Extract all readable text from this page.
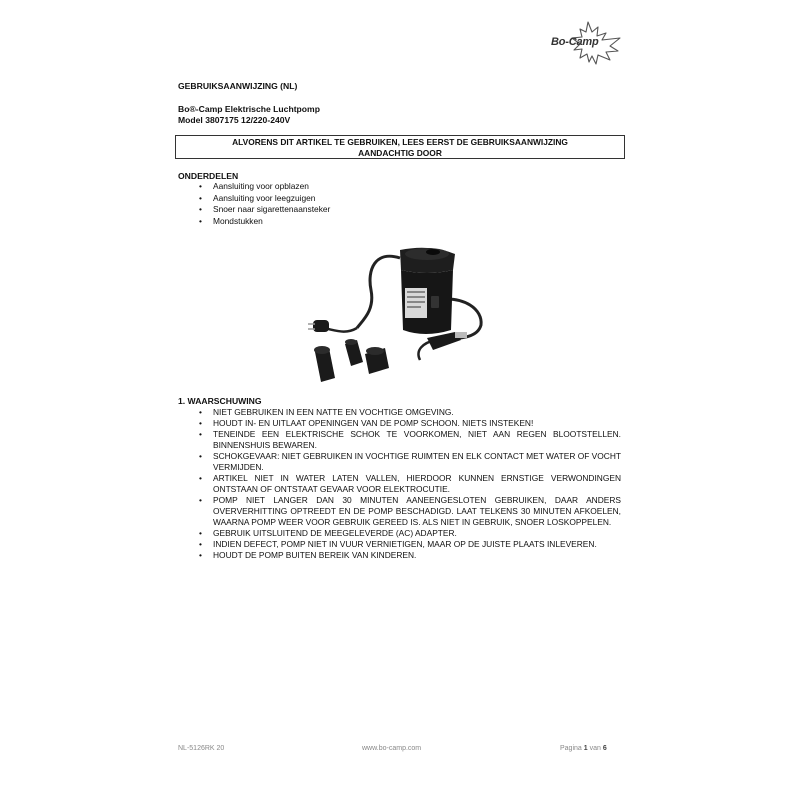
Bo-Camp
GEBRUIKSAANWIJZING (NL)
Bo®-Camp Elektrische Luchtpomp
Model 3807175 12/220-240V
ALVORENS DIT ARTIKEL TE GEBRUIKEN, LEES EERST DE GEBRUIKSAANWIJZING
AANDACHTIG DOOR
ONDERDELEN
• Aansluiting voor opblazen
• Aansluiting voor leegzuigen
• Snoer naar sigarettenaansteker
• Mondstukken
1. WAARSCHUWING
• NIET GEBRUIKEN IN EEN NATTE EN VOCHTIGE OMGEVING.
• HOUDT IN- EN UITLAAT OPENINGEN VAN DE POMP SCHOON. NIETS INSTEKEN!
• TENEINDE EEN ELEKTRISCHE SCHOK TE VOORKOMEN, NIET AAN REGEN BLOOTSTELLEN. BINNENSHUIS BEWAREN.
• SCHOKGEVAAR: NIET GEBRUIKEN IN VOCHTIGE RUIMTEN EN ELK CONTACT MET WATER OF VOCHT VERMIJDEN.
• ARTIKEL NIET IN WATER LATEN VALLEN, HIERDOOR KUNNEN ERNSTIGE VERWONDINGEN ONTSTAAN OF ONTSTAAT GEVAAR VOOR ELEKTROCUTIE.
• POMP NIET LANGER DAN 30 MINUTEN AANEENGESLOTEN GEBRUIKEN, DAAR ANDERS OVERVERHITTING OPTREEDT EN DE POMP BESCHADIGD. LAAT TELKENS 30 MINUTEN AFKOELEN, WAARNA POMP WEER VOOR GEBRUIK GEREED IS. ALS NIET IN GEBRUIK, SNOER LOSKOPPELEN.
• GEBRUIK UITSLUITEND DE MEEGELEVERDE (AC) ADAPTER.
• INDIEN DEFECT, POMP NIET IN VUUR VERNIETIGEN, MAAR OP DE JUISTE PLAATS INLEVEREN.
• HOUDT DE POMP BUITEN BEREIK VAN KINDEREN.
NL-5126RK 20	www.bo-camp.com	Pagina 1 van 6
